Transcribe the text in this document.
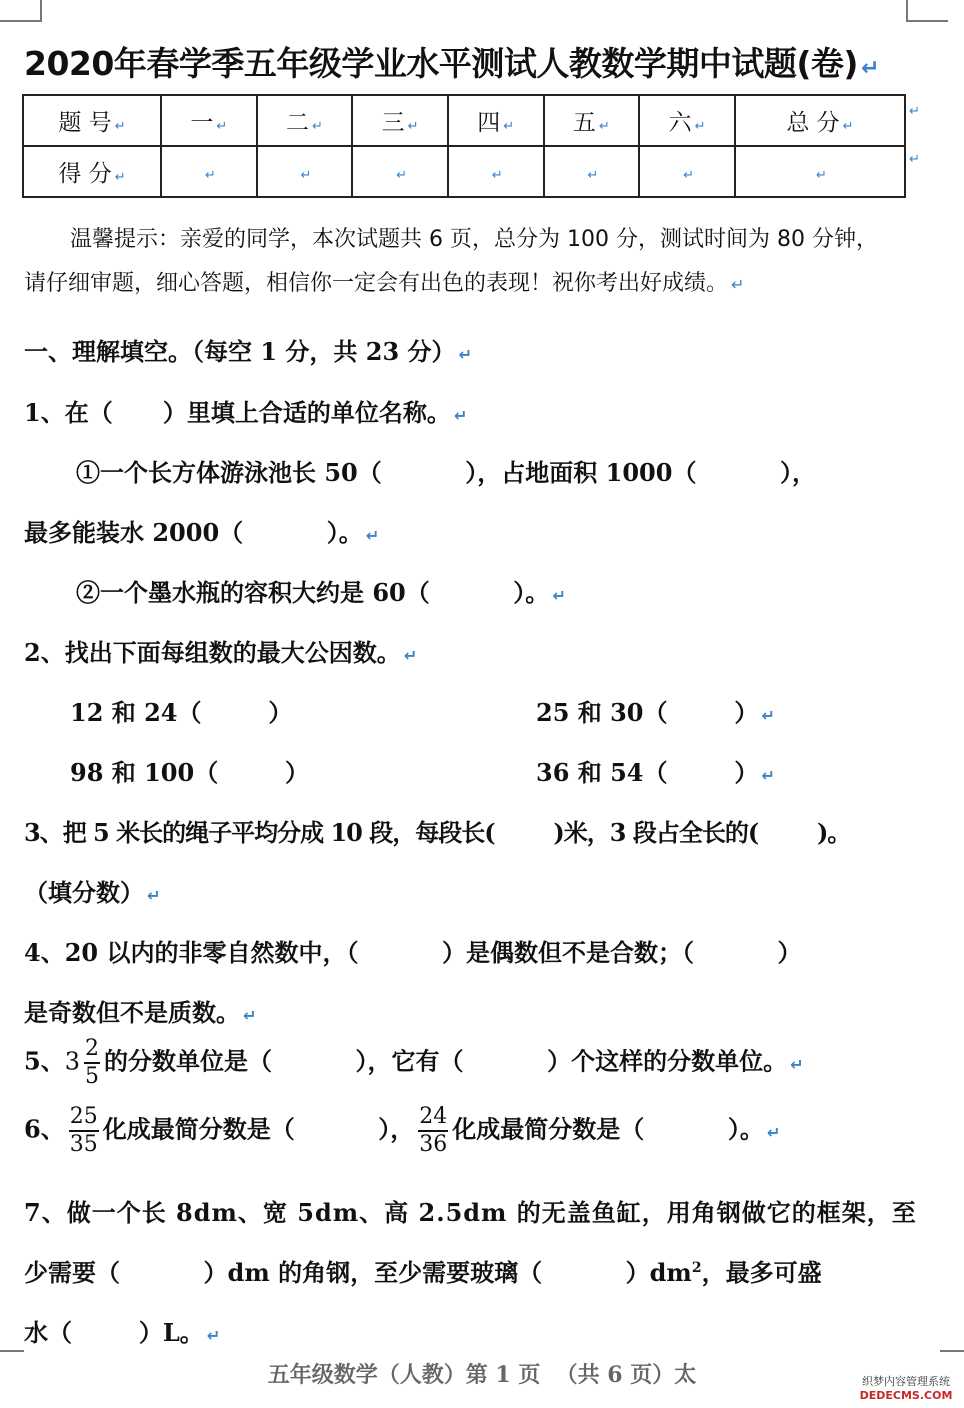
2020年春学季五年级学业水平测试人教数学期中试题(卷) ↵
题 号 ↵	一 ↵	二 ↵	三 ↵	四 ↵	五 ↵	六 ↵	总 分 ↵
得 分 ↵	↵	↵	↵	↵	↵	↵	↵
↵
↵
温馨提示：亲爱的同学，本次试题共 6 页，总分为 100 分，测试时间为 80 分钟，
请仔细审题，细心答题，相信你一定会有出色的表现！祝你考出好成绩。 ↵
一、理解填空。（每空 1 分，共 23 分） ↵
1、在（      ）里填上合适的单位名称。 ↵
①一个长方体游泳池长 50（          ），占地面积 1000（          ），
最多能装水 2000（          ）。 ↵
②一个墨水瓶的容积大约是 60（          ）。 ↵
2、找出下面每组数的最大公因数。 ↵
12 和 24（        ）	25 和 30（        ） ↵
98 和 100（        ）	36 和 54（        ） ↵
3、把 5 米长的绳子平均分成 10 段，每段长(        )米，3 段占全长的(        )。
（填分数） ↵
4、20 以内的非零自然数中，（          ）是偶数但不是合数；（          ）
是奇数但不是质数。 ↵
5、$3 \frac{2}{5}$ 的分数单位是（          ），它有（          ）个这样的分数单位。 ↵
6、 $\frac{25}{35}$ 化成最简分数是（          ）， $\frac{24}{36}$ 化成最简分数是（          ）。 ↵
7、做一个长 8dm、宽 5dm、高 2.5dm 的无盖鱼缸，用角钢做它的框架，至
少需要（          ）dm 的角钢，至少需要玻璃（          ）$dm^2$，最多可盛
水（        ）L。 ↵
五年级数学（人教）第 1 页  （共 6 页）太	织梦内容管理系统
DEDECMS.COM
